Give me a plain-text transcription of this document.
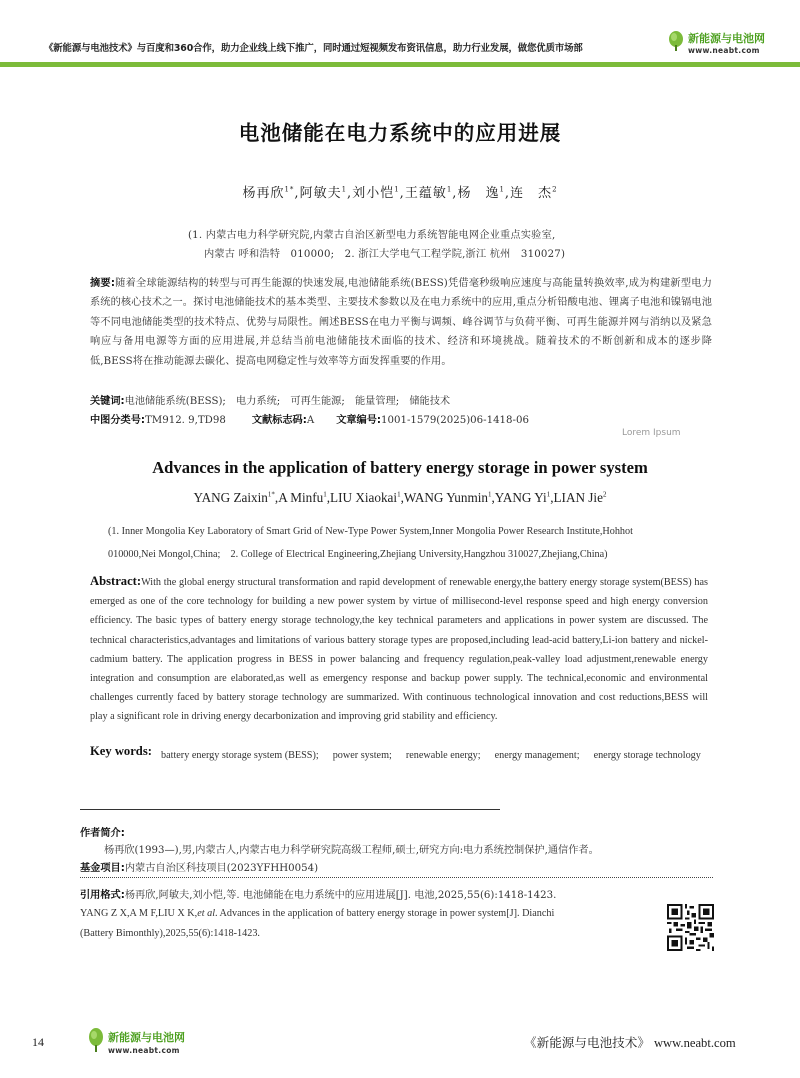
《新能源与电池技术》与百度和360合作，助力企业线上线下推广，同时通过短视频发布资讯信息，助力行业发展，做您优质市场部
新能源与电池网
www.neabt.com
电池储能在电力系统中的应用进展
杨再欣$^{1*}$,阿敏夫$^1$,刘小恺$^1$,王蕴敏$^1$,杨　逸$^1$,连　杰$^2$
(1. 内蒙古电力科学研究院,内蒙古自治区新型电力系统智能电网企业重点实验室,
内蒙古 呼和浩特　010000;　2. 浙江大学电气工程学院,浙江 杭州　310027)
摘要:随着全球能源结构的转型与可再生能源的快速发展,电池储能系统(BESS)凭借毫秒级响应速度与高能量转换效率,成为构建新型电力系统的核心技术之一。探讨电池储能技术的基本类型、主要技术参数以及在电力系统中的应用,重点分析铅酸电池、锂离子电池和镍镉电池等不同电池储能类型的技术特点、优势与局限性。阐述BESS在电力平衡与调频、峰谷调节与负荷平衡、可再生能源并网与消纳以及紧急响应与备用电源等方面的应用进展,并总结当前电池储能技术面临的技术、经济和环境挑战。随着技术的不断创新和成本的逐步降低,BESS将在推动能源去碳化、提高电网稳定性与效率等方面发挥重要的作用。
Lorem Ipsum
关键词:电池储能系统(BESS);　电力系统;　可再生能源;　能量管理;　储能技术
中图分类号:TM912. 9,TD98	文献标志码:A 文章编号:1001-1579(2025)06-1418-06
Advances in the application of battery energy storage in power system
YANG Zaixin$^{1*}$,A Minfu$^1$,LIU Xiaokai$^1$,WANG Yunmin$^1$,YANG Yi$^1$,LIAN Jie$^2$
(1. Inner Mongolia Key Laboratory of Smart Grid of New-Type Power System,Inner Mongolia Power Research Institute,Hohhot
010000,Nei Mongol,China;　2. College of Electrical Engineering,Zhejiang University,Hangzhou 310027,Zhejiang,China)
Abstract:With the global energy structural transformation and rapid development of renewable energy,the battery energy storage system(BESS) has emerged as one of the core technology for building a new power system by virtue of millisecond-level response speed and high energy conversion efficiency. The basic types of battery energy storage technology,the key technical parameters and applications in power system are discussed. The technical characteristics,advantages and limitations of various battery storage types are proposed,including lead-acid battery,Li-ion battery and nickel-cadmium battery. The application progress in BESS in power balancing and frequency regulation,peak-valley load adjustment,renewable energy integration and consumption are elaborated,as well as emergency response and backup power supply. The technical,economic and environmental challenges currently faced by battery storage technology are summarized. With continuous technological innovation and cost reductions,BESS will play a significant role in driving energy decarbonization and improving grid stability and efficiency.
Key words: battery energy storage system (BESS); power system; renewable energy; energy management; energy storage technology
作者简介:
杨再欣(1993—),男,内蒙古人,内蒙古电力科学研究院高级工程师,硕士,研究方向:电力系统控制保护,通信作者。
基金项目:内蒙古自治区科技项目(2023YFHH0054)
引用格式:杨再欣,阿敏夫,刘小恺,等. 电池储能在电力系统中的应用进展[J]. 电池,2025,55(6):1418-1423.
YANG Z X,A M F,LIU X K,et al. Advances in the application of battery energy storage in power system[J]. Dianchi
(Battery Bimonthly),2025,55(6):1418-1423.
14	新能源与电池网
www.neabt.com
《新能源与电池技术》 www.neabt.com
